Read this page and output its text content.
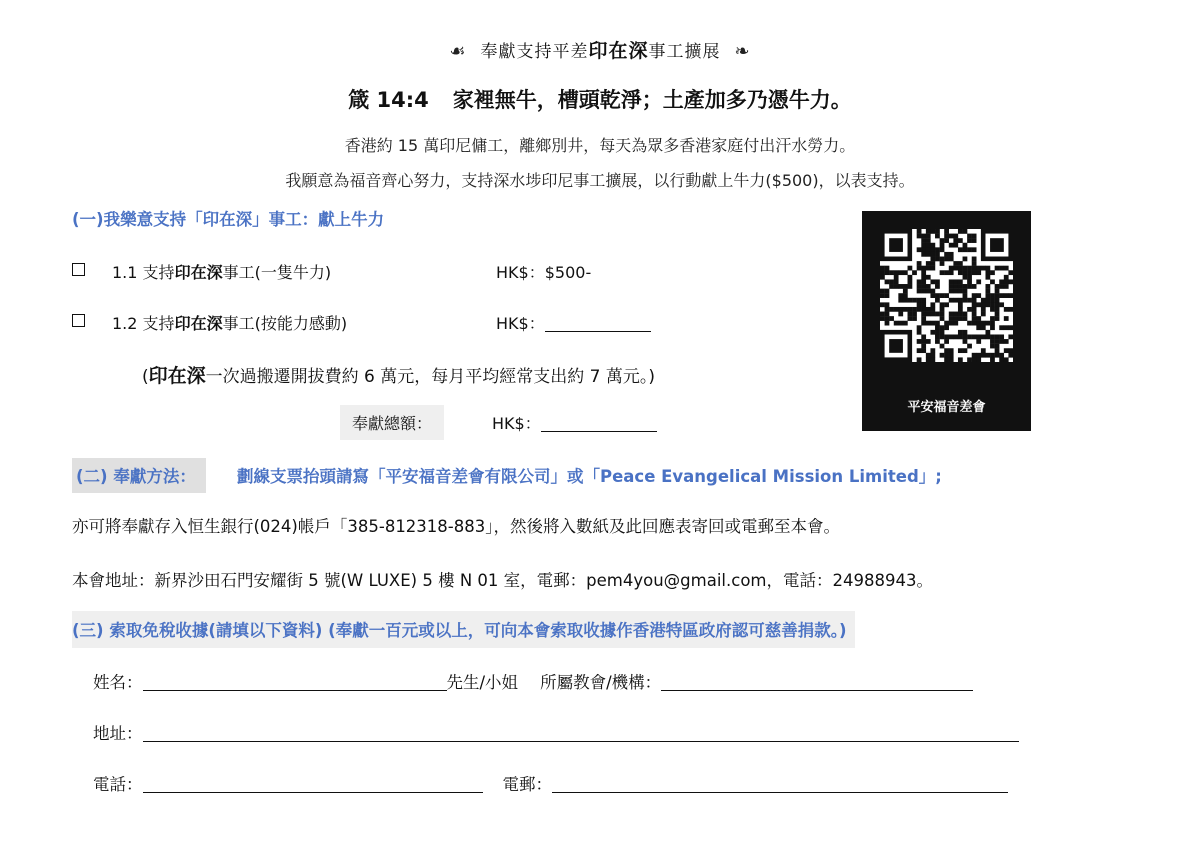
☙ 奉獻支持平差印在深事工擴展 ❧
箴 14:4 家裡無牛，槽頭乾淨；土產加多乃憑牛力。
香港約 15 萬印尼傭工，離鄉別井，每天為眾多香港家庭付出汗水勞力。
我願意為福音齊心努力，支持深水埗印尼事工擴展，以行動獻上牛力($500)，以表支持。
(一)我樂意支持「印在深」事工：獻上牛力
1.1 支持印在深事工(一隻牛力)	HK$：$500-
1.2 支持印在深事工(按能力感動)	HK$：
(印在深一次過搬遷開拔費約 6 萬元，每月平均經常支出約 7 萬元。)
奉獻總額：	HK$：
平安福音差會
(二) 奉獻方法：	劃線支票抬頭請寫「平安福音差會有限公司」或「Peace Evangelical Mission Limited」;
亦可將奉獻存入恒生銀行(024)帳戶「385-812318-883」，然後將入數紙及此回應表寄回或電郵至本會。
本會地址：新界沙田石門安耀街 5 號(W LUXE) 5 樓 N 01 室，電郵：pem4you@gmail.com，電話：24988943。
(三) 索取免稅收據(請填以下資料) (奉獻一百元或以上，可向本會索取收據作香港特區政府認可慈善捐款。)
姓名：	先生/小姐 所屬教會/機構：
地址：
電話：	電郵：
